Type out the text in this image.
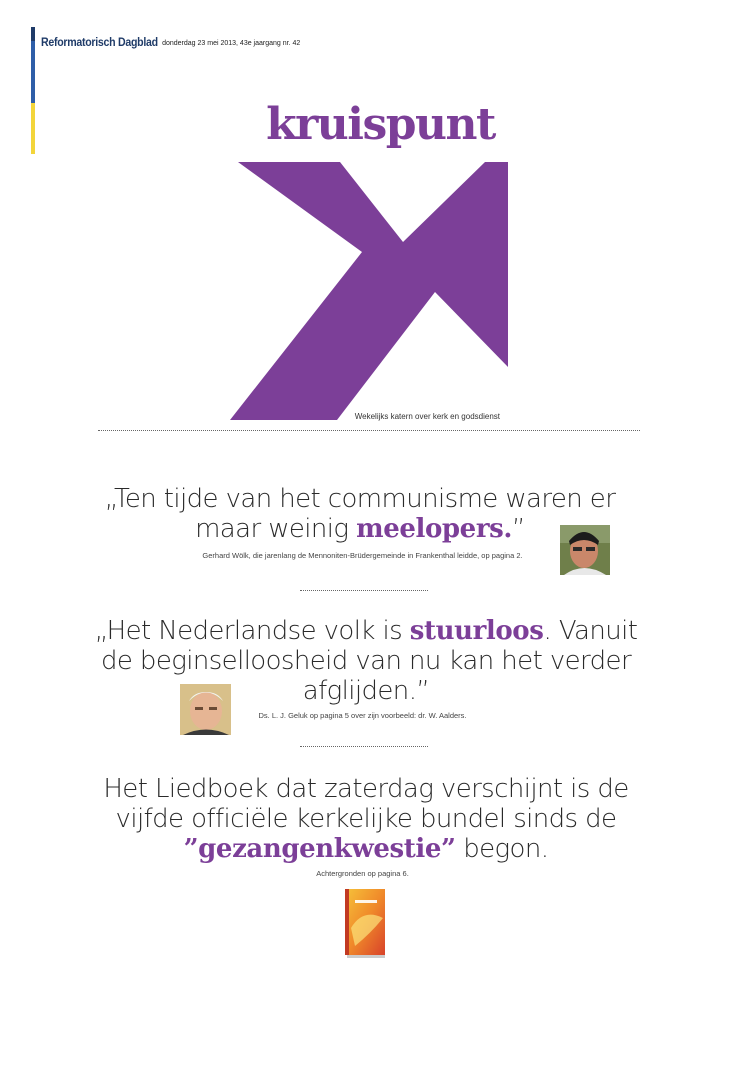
Reformatorisch Dagblad donderdag 23 mei 2013, 43e jaargang nr. 42
kruispunt
Wekelijks katern over kerk en godsdienst
„Ten tijde van het communisme waren er
maar weinig meelopers.”
Gerhard Wölk, die jarenlang de Mennoniten-Brüdergemeinde in Frankenthal leidde, op pagina 2.
„Het Nederlandse volk is stuurloos. Vanuit
de beginselloosheid van nu kan het verder
afglijden.”
Ds. L. J. Geluk op pagina 5 over zijn voorbeeld: dr. W. Aalders.
Het Liedboek dat zaterdag verschijnt is de
vijfde officiële kerkelijke bundel sinds de
”gezangenkwestie” begon.
Achtergronden op pagina 6.
